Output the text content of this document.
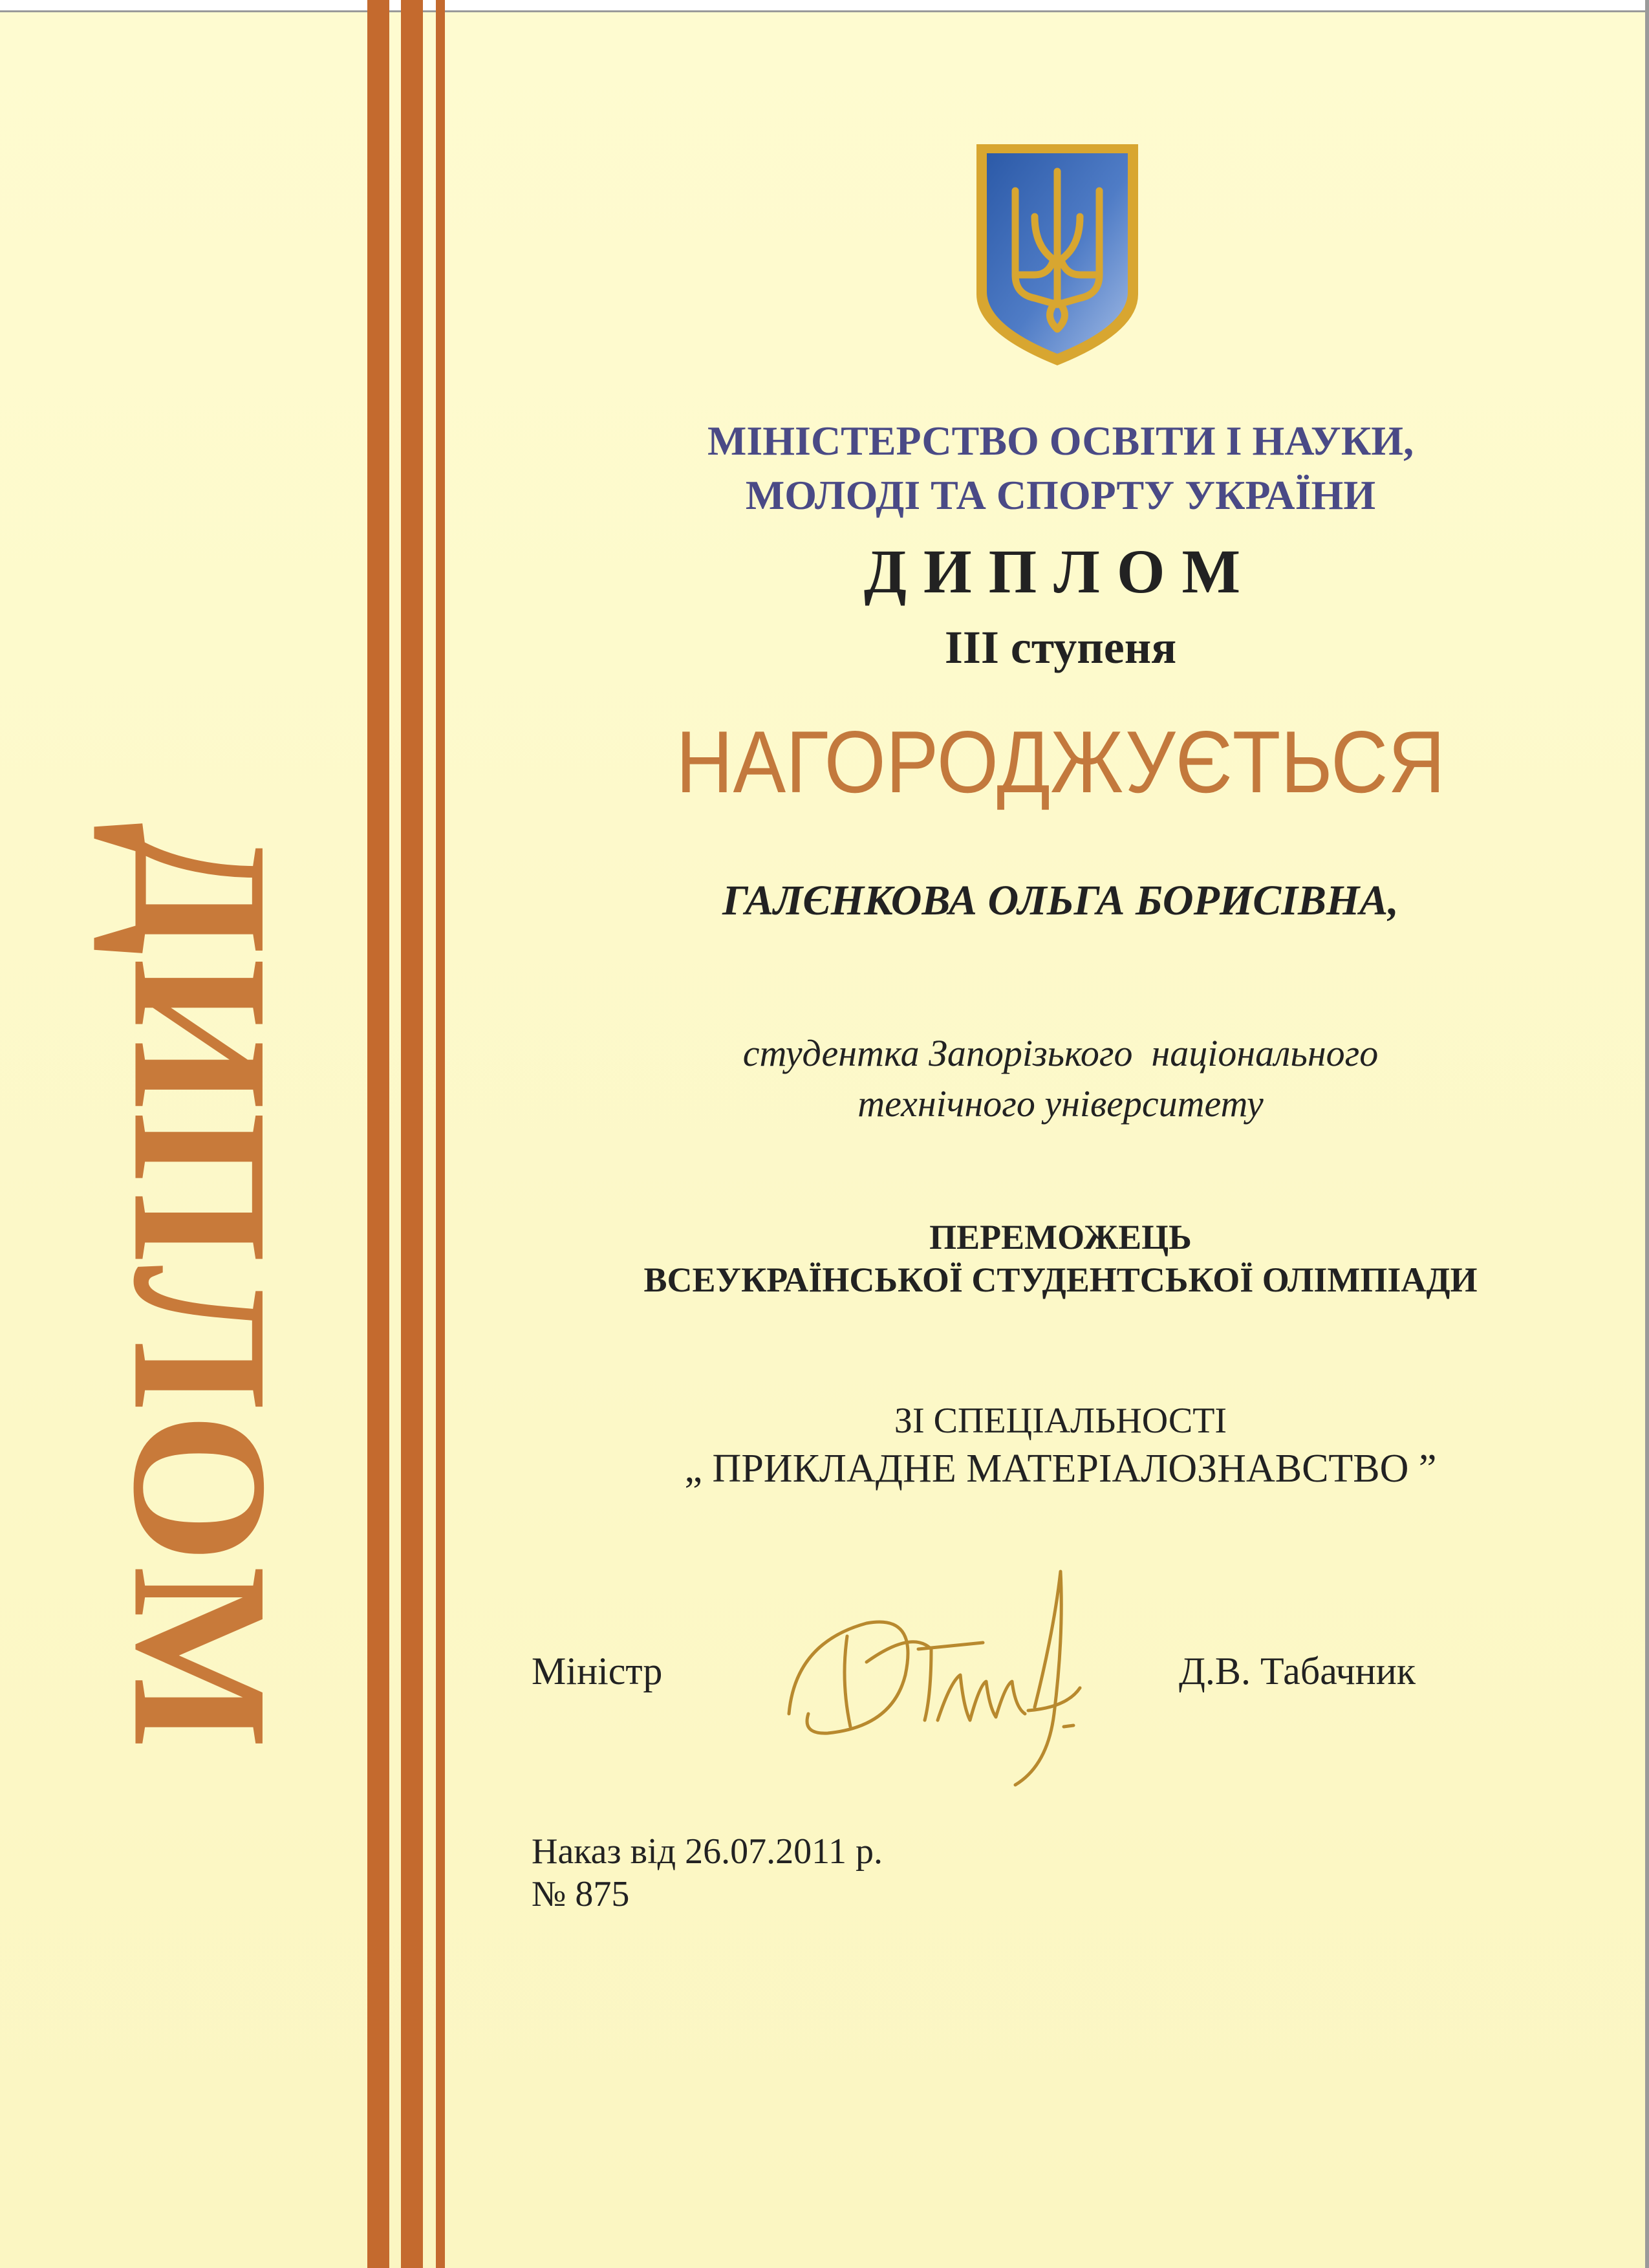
ДИПЛОМ
МІНІСТЕРСТВО ОСВІТИ І НАУКИ,
МОЛОДІ ТА СПОРТУ УКРАЇНИ
ДИПЛОМ
ІІІ ступеня
НАГОРОДЖУЄТЬСЯ
ГАЛЄНКОВА ОЛЬГА БОРИСІВНА,
студентка Запорізького  національного
технічного університету
ПЕРЕМОЖЕЦЬ
ВСЕУКРАЇНСЬКОЇ СТУДЕНТСЬКОЇ ОЛІМПІАДИ
ЗІ СПЕЦІАЛЬНОСТІ
„ ПРИКЛАДНЕ МАТЕРІАЛОЗНАВСТВО ”
Міністр	Д.В. Табачник
Наказ від 26.07.2011 р.
№ 875
